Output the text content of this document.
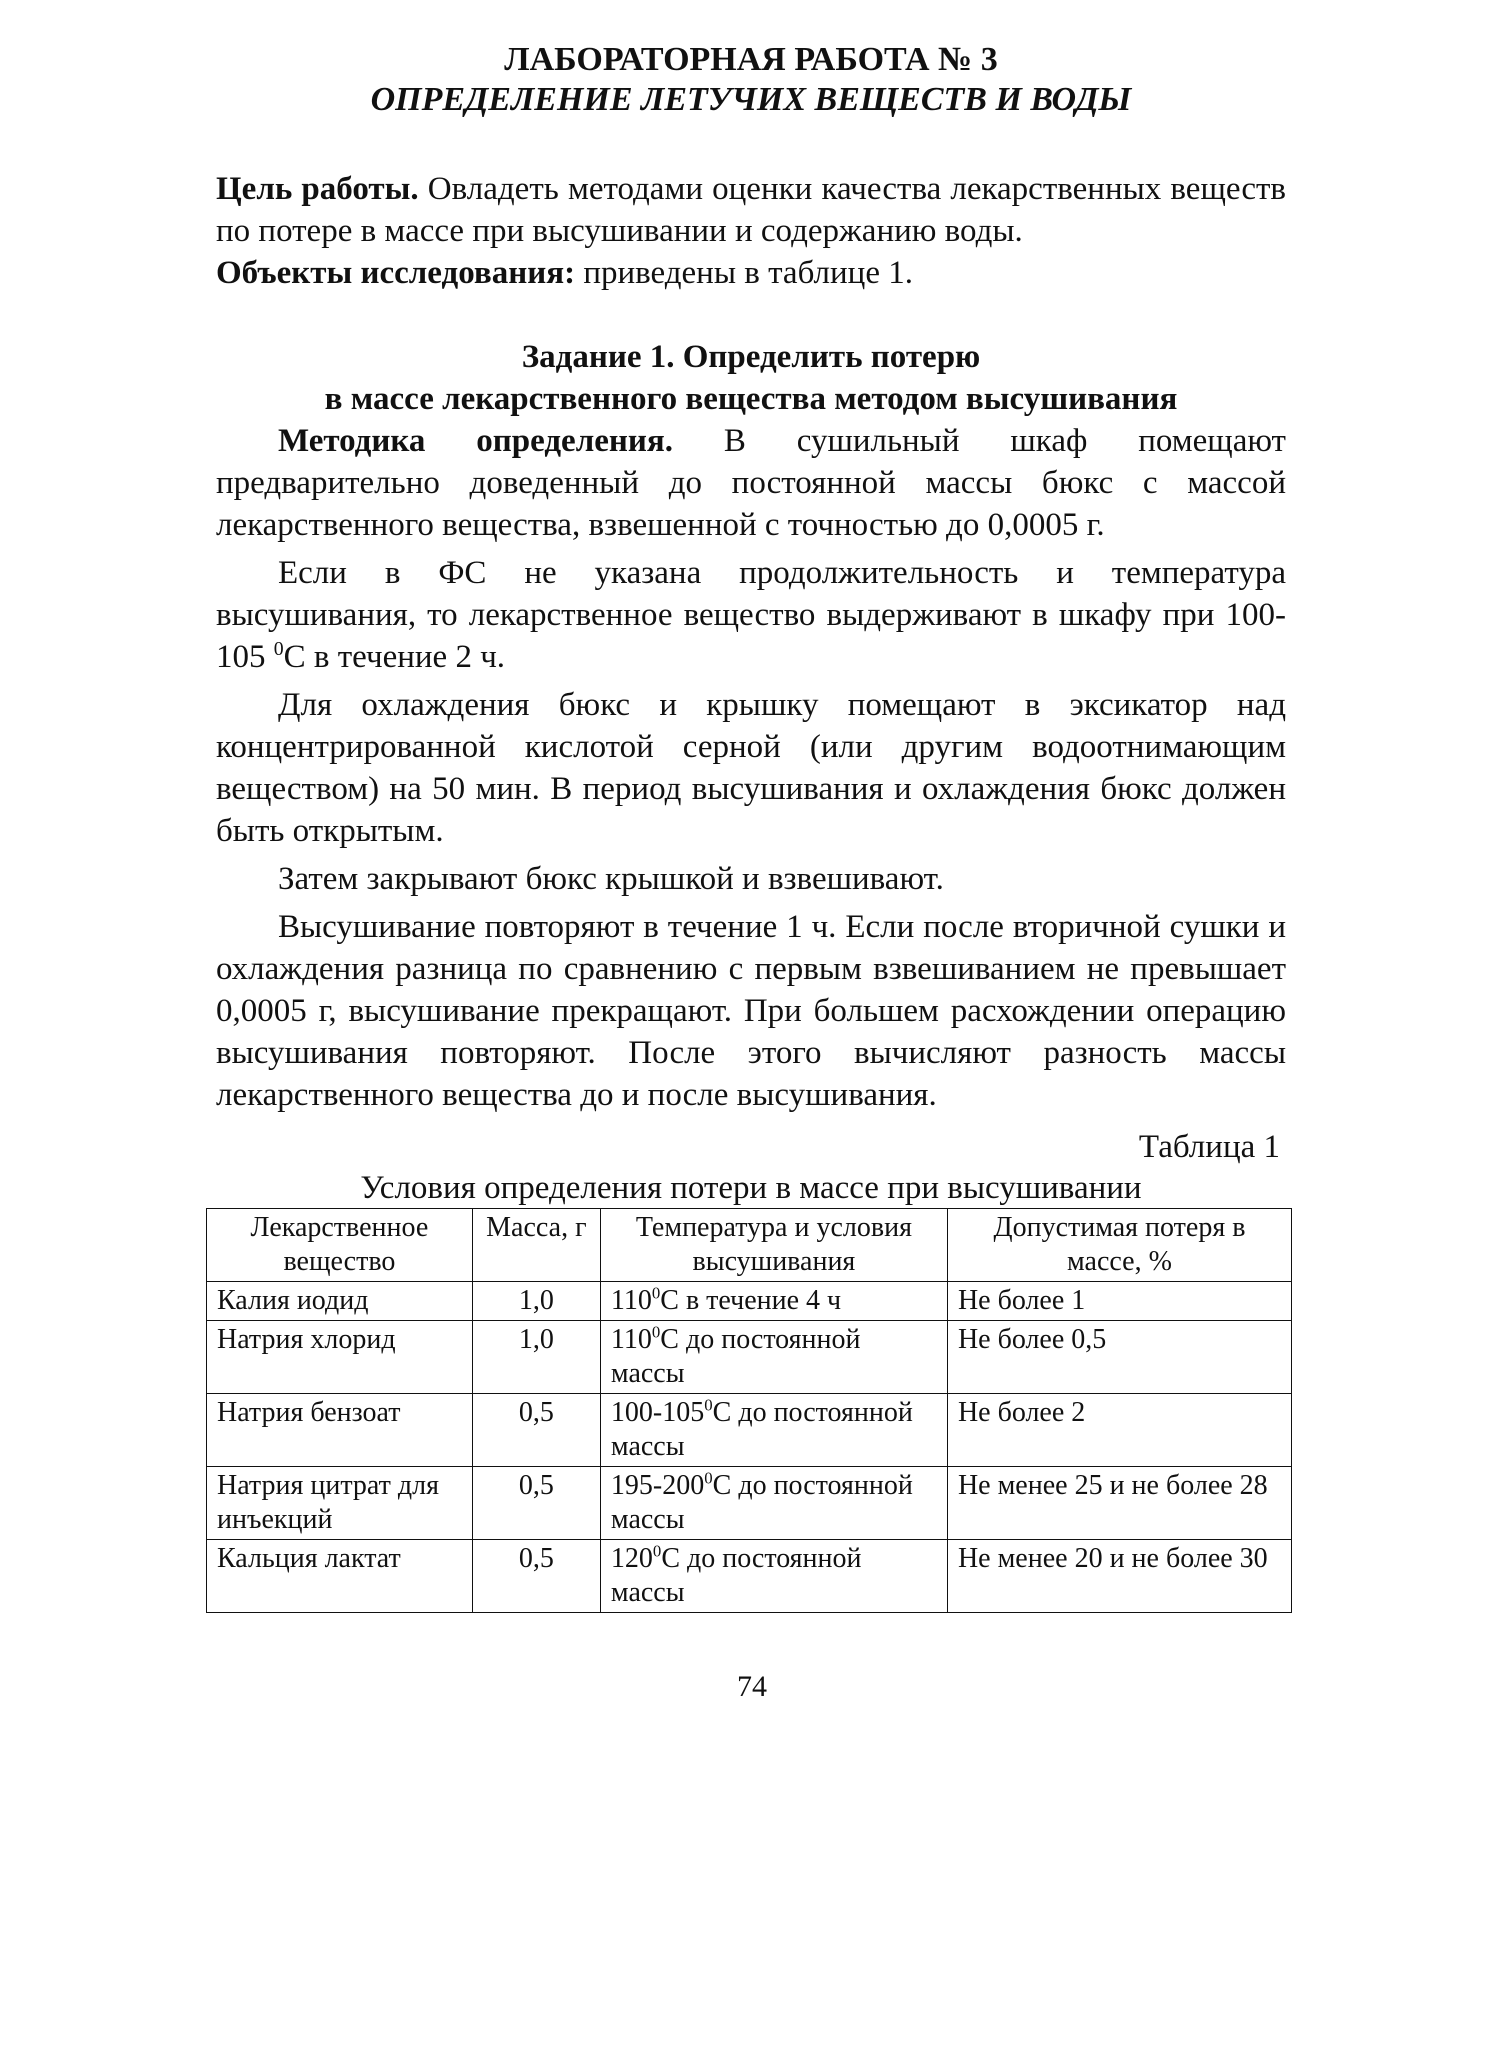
ЛАБОРАТОРНАЯ РАБОТА № 3
ОПРЕДЕЛЕНИЕ ЛЕТУЧИХ ВЕЩЕСТВ И ВОДЫ

Цель работы. Овладеть методами оценки качества лекарственных веществ по потере в массе при высушивании и содержанию воды.

Объекты исследования: приведены в таблице 1.

Задание 1. Определить потерю
в массе лекарственного вещества методом высушивания

Методика определения. В сушильный шкаф помещают предварительно доведенный до постоянной массы бюкс с массой лекарственного вещества, взвешенной с точностью до 0,0005 г.

Если в ФС не указана продолжительность и температура высушивания, то лекарственное вещество выдерживают в шкафу при 100-105 $^0$С в течение 2 ч.

Для охлаждения бюкс и крышку помещают в эксикатор над концентрированной кислотой серной (или другим водоотнимающим веществом) на 50 мин. В период высушивания и охлаждения бюкс должен быть открытым.

Затем закрывают бюкс крышкой и взвешивают.

Высушивание повторяют в течение 1 ч. Если после вторичной сушки и охлаждения разница по сравнению с первым взвешиванием не превышает 0,0005 г, высушивание прекращают. При большем расхождении операцию высушивания повторяют. После этого вычисляют разность массы лекарственного вещества до и после высушивания.

Таблица 1
Условия определения потери в массе при высушивании
Лекарственное вещество	Масса, г	Температура и условия высушивания	Допустимая потеря в массе, %
Калия иодид	1,0	$110^0С$ в течение 4 ч	Не более 1
Натрия хлорид	1,0	$110^0С$ до постоянной массы	Не более 0,5
Натрия бензоат	0,5	$100-105^0С$ до постоянной массы	Не более 2
Натрия цитрат для инъекций	0,5	$195-200^0С$ до постоянной массы	Не менее 25 и не более 28
Кальция лактат	0,5	$120^0С$ до постоянной массы	Не менее 20 и не более 30
74
